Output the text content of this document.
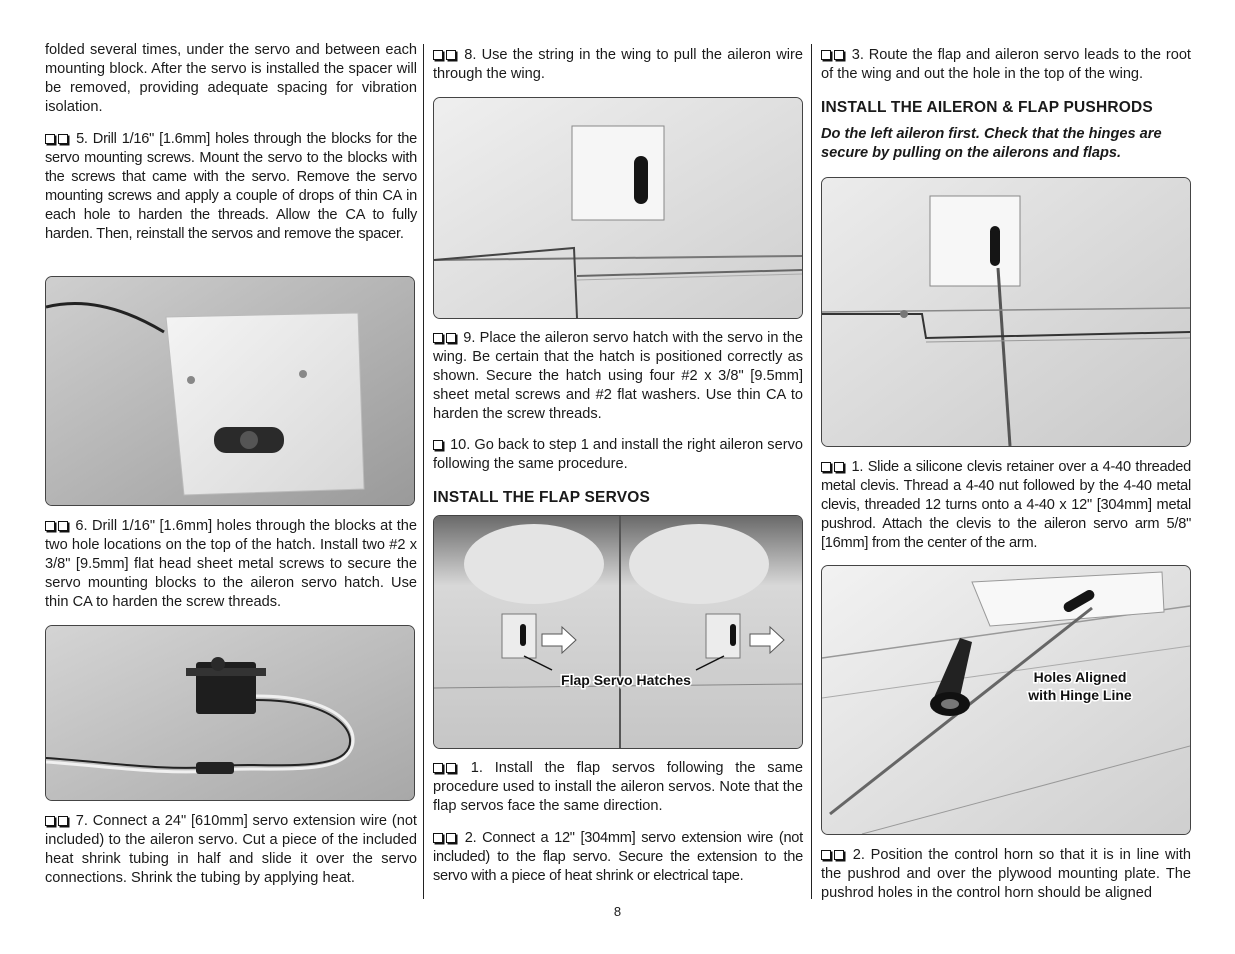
folded several times, under the servo and between each mounting block. After the servo is installed the spacer will be removed, providing adequate spacing for vibration isolation.

5. Drill 1/16" [1.6mm] holes through the blocks for the servo mounting screws. Mount the servo to the blocks with the screws that came with the servo. Remove the servo mounting screws and apply a couple of drops of thin CA in each hole to harden the threads. Allow the CA to fully harden. Then, reinstall the servos and remove the spacer.

6. Drill 1/16" [1.6mm] holes through the blocks at the two hole locations on the top of the hatch. Install two #2 x 3/8" [9.5mm] flat head sheet metal screws to secure the servo mounting blocks to the aileron servo hatch. Use thin CA to harden the screw threads.

7. Connect a 24" [610mm] servo extension wire (not included) to the aileron servo. Cut a piece of the included heat shrink tubing in half and slide it over the servo connections. Shrink the tubing by applying heat.

8. Use the string in the wing to pull the aileron wire through the wing.

9. Place the aileron servo hatch with the servo in the wing. Be certain that the hatch is positioned correctly as shown. Secure the hatch using four #2 x 3/8" [9.5mm] sheet metal screws and #2 flat washers. Use thin CA to harden the screw threads.

10. Go back to step 1 and install the right aileron servo following the same procedure.

INSTALL THE FLAP SERVOS
Flap Servo Hatches

1. Install the flap servos following the same procedure used to install the aileron servos. Note that the flap servos face the same direction.

2. Connect a 12" [304mm] servo extension wire (not included) to the flap servo. Secure the extension to the servo with a piece of heat shrink or electrical tape.

3. Route the flap and aileron servo leads to the root of the wing and out the hole in the top of the wing.

INSTALL THE AILERON & FLAP PUSHRODS

Do the left aileron first. Check that the hinges are secure by pulling on the ailerons and flaps.

1. Slide a silicone clevis retainer over a 4-40 threaded metal clevis. Thread a 4-40 nut followed by the 4-40 metal clevis, threaded 12 turns onto a 4-40 x 12" [304mm] metal pushrod. Attach the clevis to the aileron servo arm 5/8" [16mm] from the center of the arm.

Holes Aligned
with Hinge Line

2. Position the control horn so that it is in line with the pushrod and over the plywood mounting plate. The pushrod holes in the control horn should be aligned

8
